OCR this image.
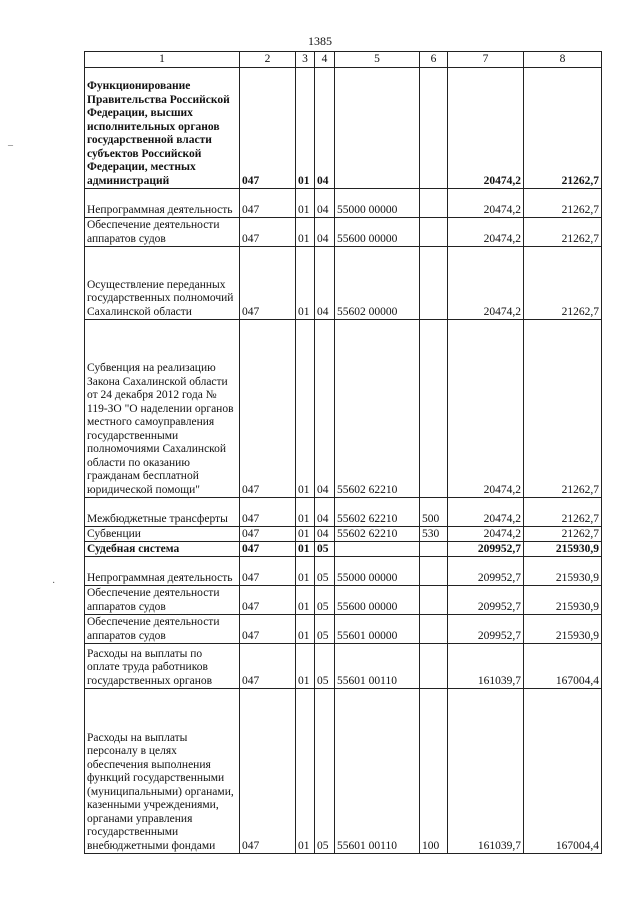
1385
1	2	3	4	5	6	7	8
Функционирование Правительства Российской Федерации, высших исполнительных органов государственной власти субъектов Российской Федерации, местных администраций	047	01	04			20474,2	21262,7
Непрограммная деятельность	047	01	04	55000 00000		20474,2	21262,7
Обеспечение деятельности аппаратов судов	047	01	04	55600 00000		20474,2	21262,7
Осуществление переданных государственных полномочий Сахалинской области	047	01	04	55602 00000		20474,2	21262,7
Субвенция на реализацию Закона Сахалинской области от 24 декабря 2012 года № 119-ЗО "О наделении органов местного самоуправления государственными полномочиями Сахалинской области по оказанию гражданам бесплатной юридической помощи"	047	01	04	55602 62210		20474,2	21262,7
Межбюджетные трансферты	047	01	04	55602 62210	500	20474,2	21262,7
Субвенции	047	01	04	55602 62210	530	20474,2	21262,7
Судебная система	047	01	05			209952,7	215930,9
Непрограммная деятельность	047	01	05	55000 00000		209952,7	215930,9
Обеспечение деятельности аппаратов судов	047	01	05	55600 00000		209952,7	215930,9
Обеспечение деятельности аппаратов судов	047	01	05	55601 00000		209952,7	215930,9
Расходы на выплаты по оплате труда работников государственных органов	047	01	05	55601 00110		161039,7	167004,4
Расходы на выплаты персоналу в целях обеспечения выполнения функций государственными (муниципальными) органами, казенными учреждениями, органами управления государственными внебюджетными фондами	047	01	05	55601 00110	100	161039,7	167004,4
–
·
